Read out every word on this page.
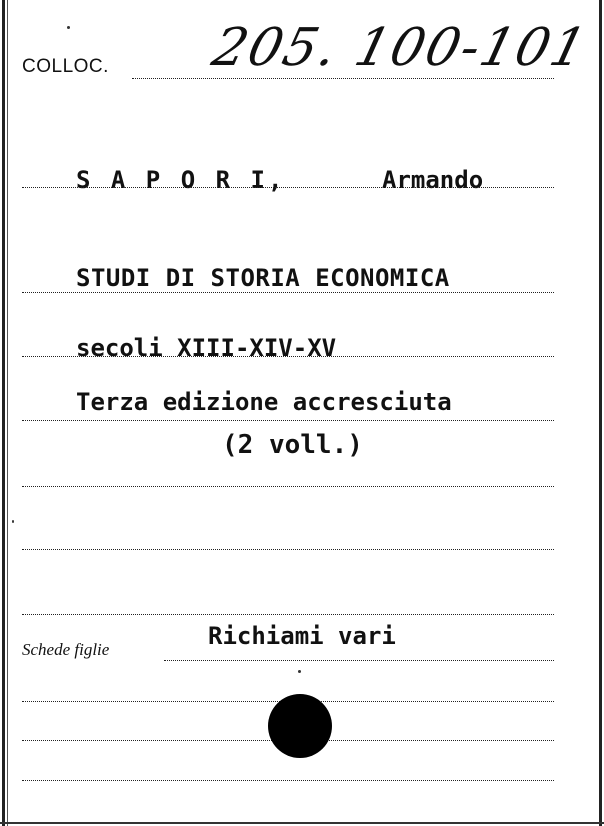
COLLOC. 205. 100-101
S A P O R I,	Armando
STUDI DI STORIA ECONOMICA
secoli XIII-XIV-XV
Terza edizione accresciuta
(2 voll.)
Schede figlie	Richiami vari
